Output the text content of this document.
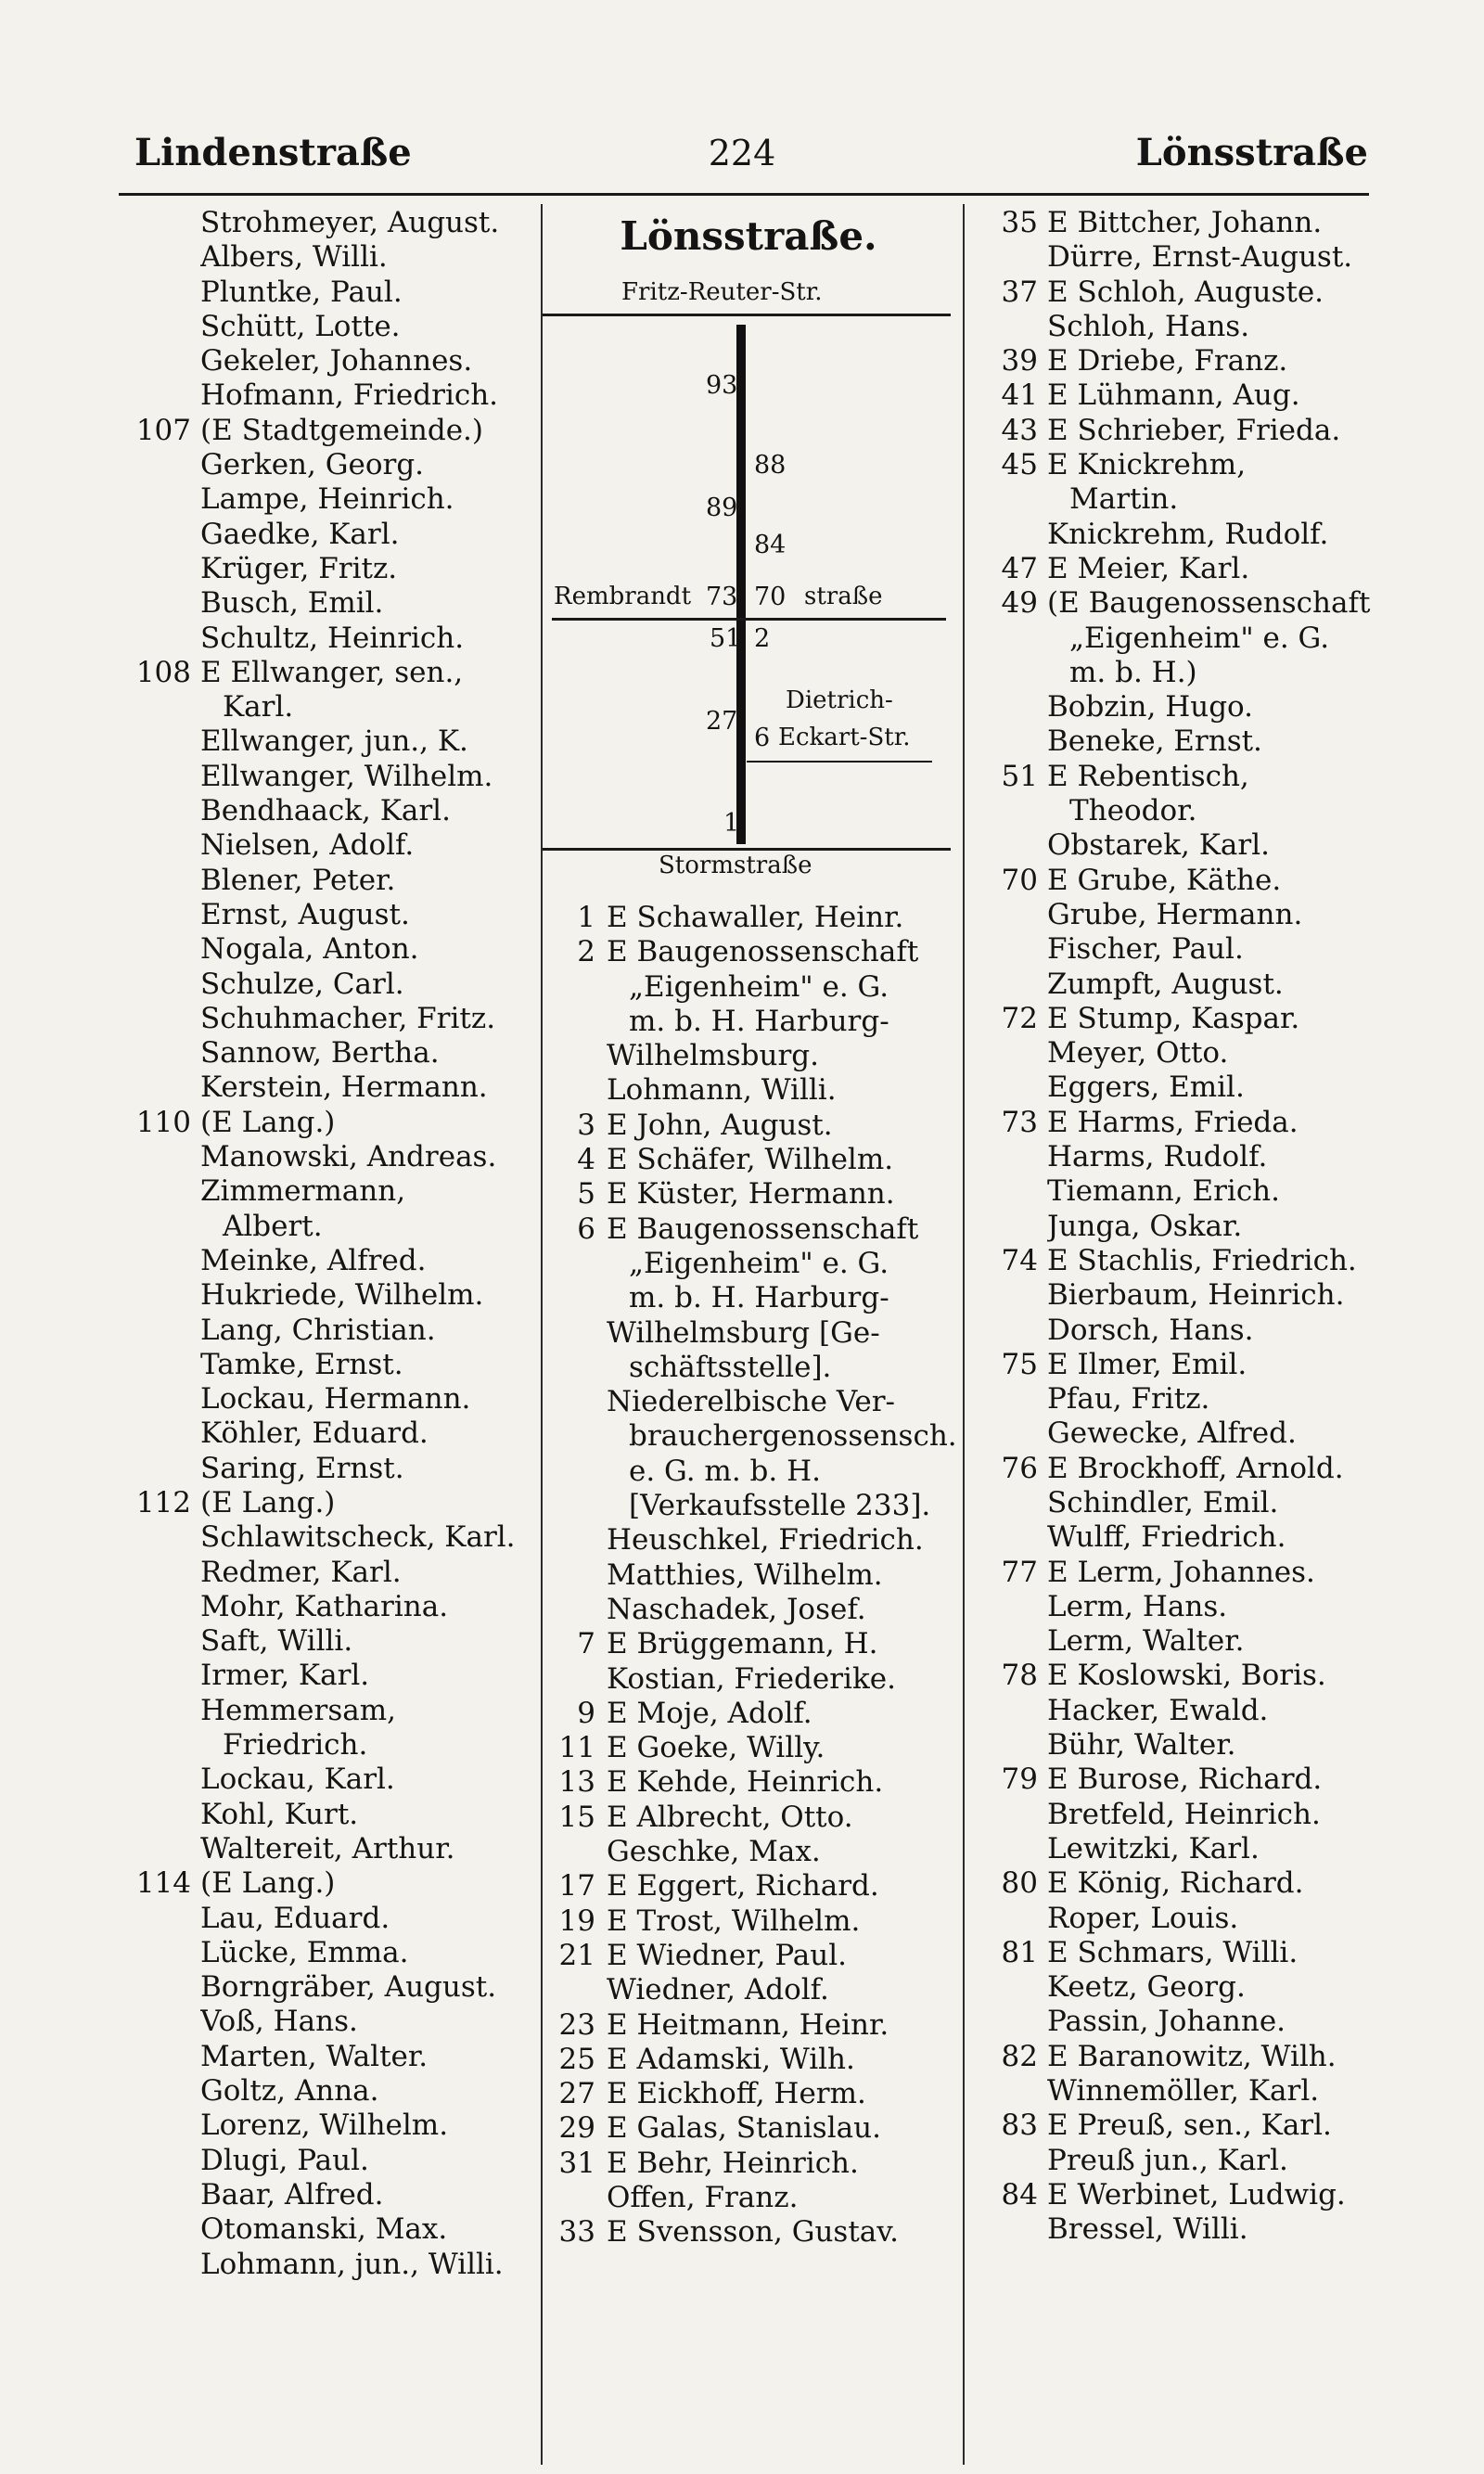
Lindenstraße	224	Lönsstraße
Strohmeyer, August.
Albers, Willi.
Pluntke, Paul.
Schütt, Lotte.
Gekeler, Johannes.
Hofmann, Friedrich.
107 (E Stadtgemeinde.)
Gerken, Georg.
Lampe, Heinrich.
Gaedke, Karl.
Krüger, Fritz.
Busch, Emil.
Schultz, Heinrich.
108 E Ellwanger, sen.,
Karl.
Ellwanger, jun., K.
Ellwanger, Wilhelm.
Bendhaack, Karl.
Nielsen, Adolf.
Blener, Peter.
Ernst, August.
Nogala, Anton.
Schulze, Carl.
Schuhmacher, Fritz.
Sannow, Bertha.
Kerstein, Hermann.
110 (E Lang.)
Manowski, Andreas.
Zimmermann,
Albert.
Meinke, Alfred.
Hukriede, Wilhelm.
Lang, Christian.
Tamke, Ernst.
Lockau, Hermann.
Köhler, Eduard.
Saring, Ernst.
112 (E Lang.)
Schlawitscheck, Karl.
Redmer, Karl.
Mohr, Katharina.
Saft, Willi.
Irmer, Karl.
Hemmersam,
Friedrich.
Lockau, Karl.
Kohl, Kurt.
Waltereit, Arthur.
114 (E Lang.)
Lau, Eduard.
Lücke, Emma.
Borngräber, August.
Voß, Hans.
Marten, Walter.
Goltz, Anna.
Lorenz, Wilhelm.
Dlugi, Paul.
Baar, Alfred.
Otomanski, Max.
Lohmann, jun., Willi.
Lönsstraße.
Fritz-Reuter-Str.
93
88
89
84
Rembrandt 73 70 straße
51 2
Dietrich-
27
6 Eckart-Str.
1
Stormstraße
1 E Schawaller, Heinr.
2 E Baugenossenschaft
„Eigenheim" e. G.
m. b. H. Harburg-
Wilhelmsburg.
Lohmann, Willi.
3 E John, August.
4 E Schäfer, Wilhelm.
5 E Küster, Hermann.
6 E Baugenossenschaft
„Eigenheim" e. G.
m. b. H. Harburg-
Wilhelmsburg [Ge-
schäftsstelle].
Niederelbische Ver-
brauchergenossensch.
e. G. m. b. H.
[Verkaufsstelle 233].
Heuschkel, Friedrich.
Matthies, Wilhelm.
Naschadek, Josef.
7 E Brüggemann, H.
Kostian, Friederike.
9 E Moje, Adolf.
11 E Goeke, Willy.
13 E Kehde, Heinrich.
15 E Albrecht, Otto.
Geschke, Max.
17 E Eggert, Richard.
19 E Trost, Wilhelm.
21 E Wiedner, Paul.
Wiedner, Adolf.
23 E Heitmann, Heinr.
25 E Adamski, Wilh.
27 E Eickhoff, Herm.
29 E Galas, Stanislau.
31 E Behr, Heinrich.
Offen, Franz.
33 E Svensson, Gustav.
35 E Bittcher, Johann.
Dürre, Ernst-August.
37 E Schloh, Auguste.
Schloh, Hans.
39 E Driebe, Franz.
41 E Lühmann, Aug.
43 E Schrieber, Frieda.
45 E Knickrehm,
Martin.
Knickrehm, Rudolf.
47 E Meier, Karl.
49 (E Baugenossenschaft
„Eigenheim" e. G.
m. b. H.)
Bobzin, Hugo.
Beneke, Ernst.
51 E Rebentisch,
Theodor.
Obstarek, Karl.
70 E Grube, Käthe.
Grube, Hermann.
Fischer, Paul.
Zumpft, August.
72 E Stump, Kaspar.
Meyer, Otto.
Eggers, Emil.
73 E Harms, Frieda.
Harms, Rudolf.
Tiemann, Erich.
Junga, Oskar.
74 E Stachlis, Friedrich.
Bierbaum, Heinrich.
Dorsch, Hans.
75 E Ilmer, Emil.
Pfau, Fritz.
Gewecke, Alfred.
76 E Brockhoff, Arnold.
Schindler, Emil.
Wulff, Friedrich.
77 E Lerm, Johannes.
Lerm, Hans.
Lerm, Walter.
78 E Koslowski, Boris.
Hacker, Ewald.
Bühr, Walter.
79 E Burose, Richard.
Bretfeld, Heinrich.
Lewitzki, Karl.
80 E König, Richard.
Roper, Louis.
81 E Schmars, Willi.
Keetz, Georg.
Passin, Johanne.
82 E Baranowitz, Wilh.
Winnemöller, Karl.
83 E Preuß, sen., Karl.
Preuß jun., Karl.
84 E Werbinet, Ludwig.
Bressel, Willi.
